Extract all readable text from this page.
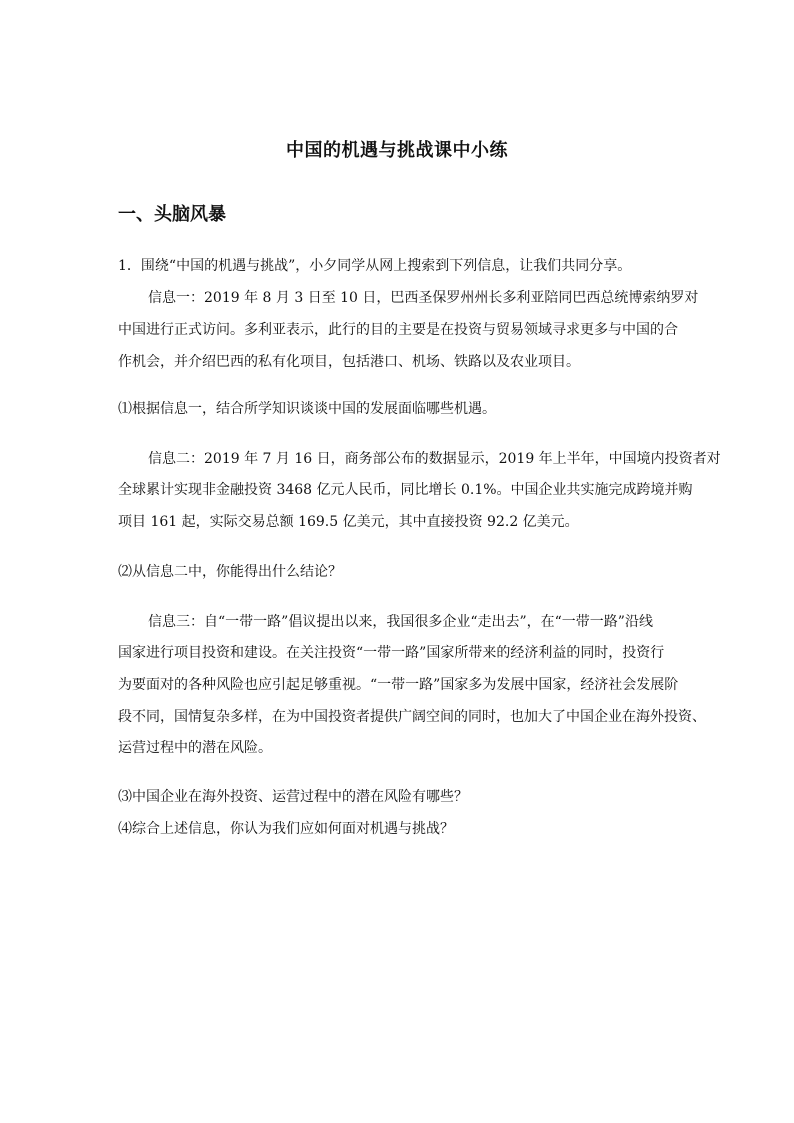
中国的机遇与挑战课中小练
一、头脑风暴
1．围绕“中国的机遇与挑战”，小夕同学从网上搜索到下列信息，让我们共同分享。
信息一：2019 年 8 月 3 日至 10 日，巴西圣保罗州州长多利亚陪同巴西总统博索纳罗对
中国进行正式访问。多利亚表示，此行的目的主要是在投资与贸易领域寻求更多与中国的合
作机会，并介绍巴西的私有化项目，包括港口、机场、铁路以及农业项目。
⑴根据信息一，结合所学知识谈谈中国的发展面临哪些机遇。
信息二：2019 年 7 月 16 日，商务部公布的数据显示，2019 年上半年，中国境内投资者对
全球累计实现非金融投资 3468 亿元人民币，同比增长 0.1%。中国企业共实施完成跨境并购
项目 161 起，实际交易总额 169.5 亿美元，其中直接投资 92.2 亿美元。
⑵从信息二中，你能得出什么结论？
信息三：自“一带一路”倡议提出以来，我国很多企业“走出去”，在“一带一路”沿线
国家进行项目投资和建设。在关注投资“一带一路”国家所带来的经济利益的同时，投资行
为要面对的各种风险也应引起足够重视。“一带一路”国家多为发展中国家，经济社会发展阶
段不同，国情复杂多样，在为中国投资者提供广阔空间的同时，也加大了中国企业在海外投资、
运营过程中的潜在风险。
⑶中国企业在海外投资、运营过程中的潜在风险有哪些？
⑷综合上述信息，你认为我们应如何面对机遇与挑战？
